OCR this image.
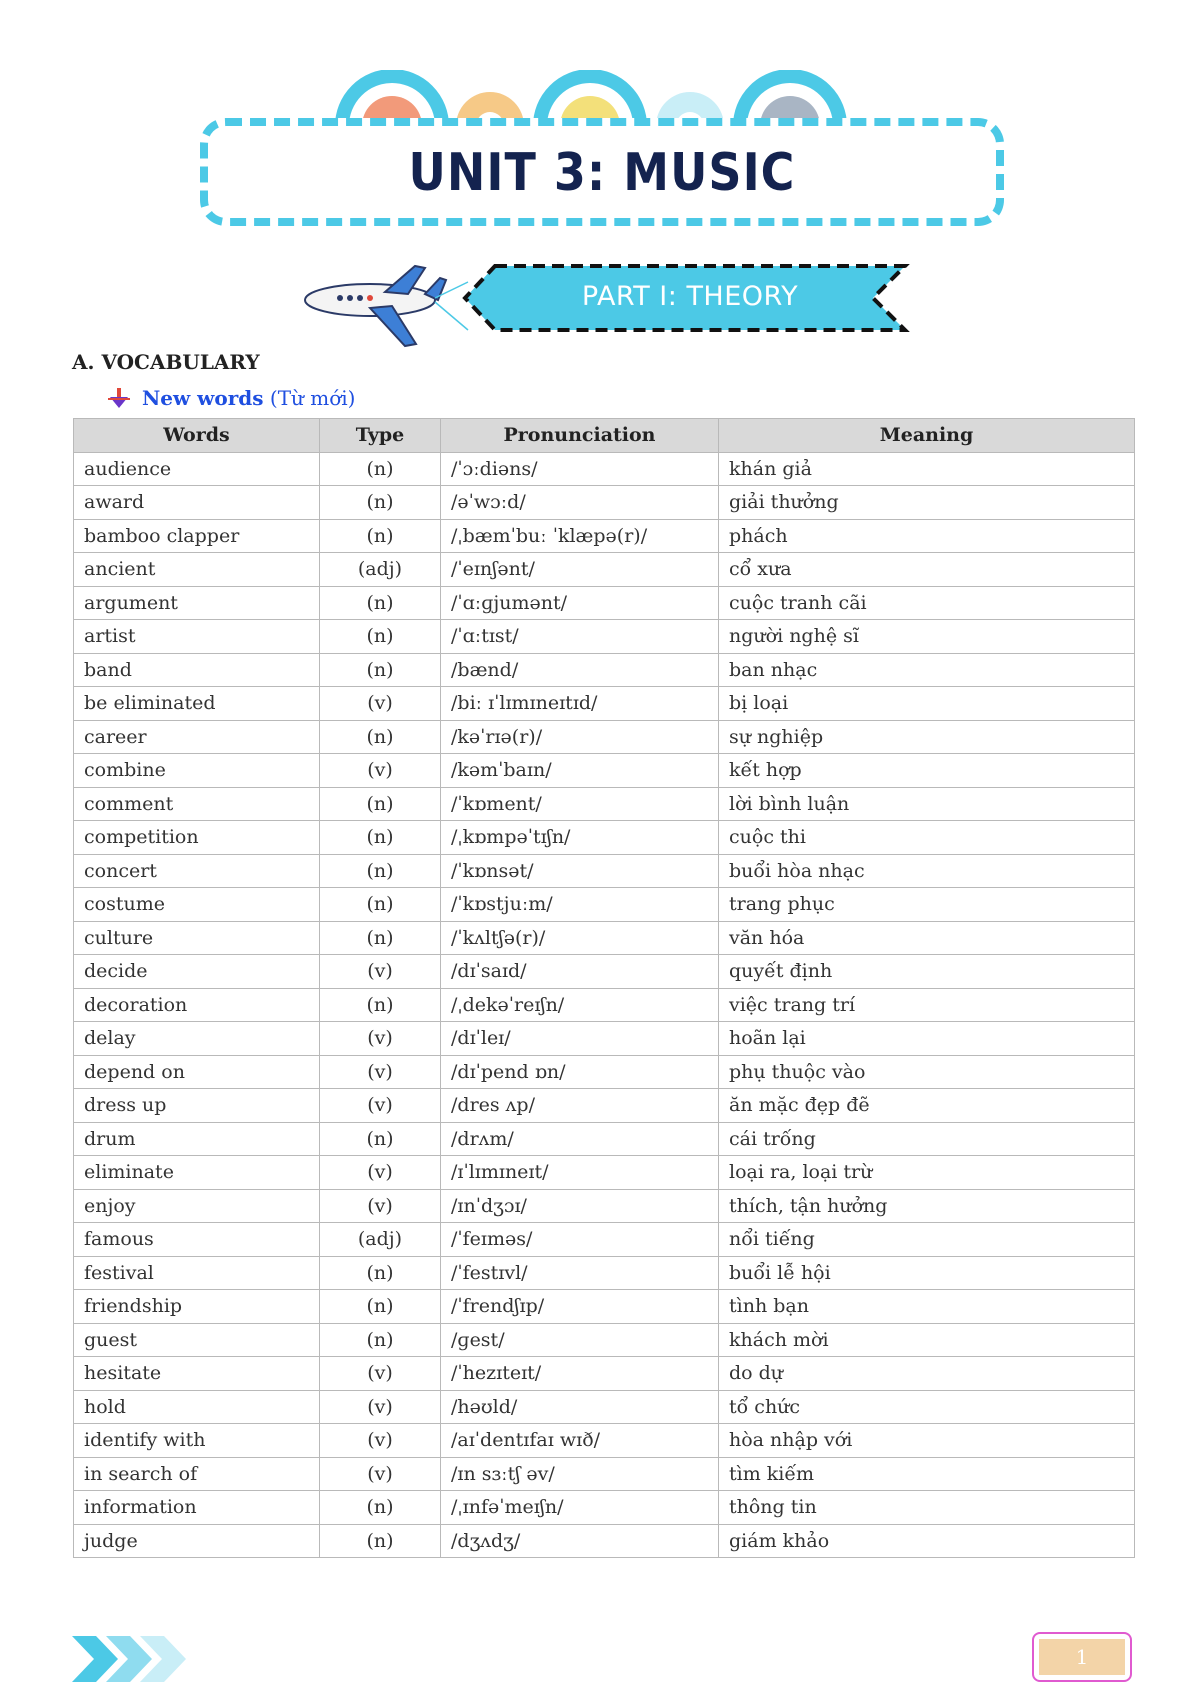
UNIT 3: MUSIC
PART I: THEORY
A. VOCABULARY
New words (Từ mới)
Words	Type	Pronunciation	Meaning
audience	(n)	/ˈɔːdiəns/	khán giả
award	(n)	/əˈwɔːd/	giải thưởng
bamboo clapper	(n)	/ˌbæmˈbuː ˈklæpə(r)/	phách
ancient	(adj)	/ˈeɪnʃənt/	cổ xưa
argument	(n)	/ˈɑːɡjumənt/	cuộc tranh cãi
artist	(n)	/ˈɑːtɪst/	người nghệ sĩ
band	(n)	/bænd/	ban nhạc
be eliminated	(v)	/biː ɪˈlɪmɪneɪtɪd/	bị loại
career	(n)	/kəˈrɪə(r)/	sự nghiệp
combine	(v)	/kəmˈbaɪn/	kết hợp
comment	(n)	/ˈkɒment/	lời bình luận
competition	(n)	/ˌkɒmpəˈtɪʃn/	cuộc thi
concert	(n)	/ˈkɒnsət/	buổi hòa nhạc
costume	(n)	/ˈkɒstjuːm/	trang phục
culture	(n)	/ˈkʌltʃə(r)/	văn hóa
decide	(v)	/dɪˈsaɪd/	quyết định
decoration	(n)	/ˌdekəˈreɪʃn/	việc trang trí
delay	(v)	/dɪˈleɪ/	hoãn lại
depend on	(v)	/dɪˈpend ɒn/	phụ thuộc vào
dress up	(v)	/dres ʌp/	ăn mặc đẹp đẽ
drum	(n)	/drʌm/	cái trống
eliminate	(v)	/ɪˈlɪmɪneɪt/	loại ra, loại trừ
enjoy	(v)	/ɪnˈdʒɔɪ/	thích, tận hưởng
famous	(adj)	/ˈfeɪməs/	nổi tiếng
festival	(n)	/ˈfestɪvl/	buổi lễ hội
friendship	(n)	/ˈfrendʃɪp/	tình bạn
guest	(n)	/ɡest/	khách mời
hesitate	(v)	/ˈhezɪteɪt/	do dự
hold	(v)	/həʊld/	tổ chức
identify with	(v)	/aɪˈdentɪfaɪ wɪð/	hòa nhập với
in search of	(v)	/ɪn sɜːtʃ əv/	tìm kiếm
information	(n)	/ˌɪnfəˈmeɪʃn/	thông tin
judge	(n)	/dʒʌdʒ/	giám khảo
1
